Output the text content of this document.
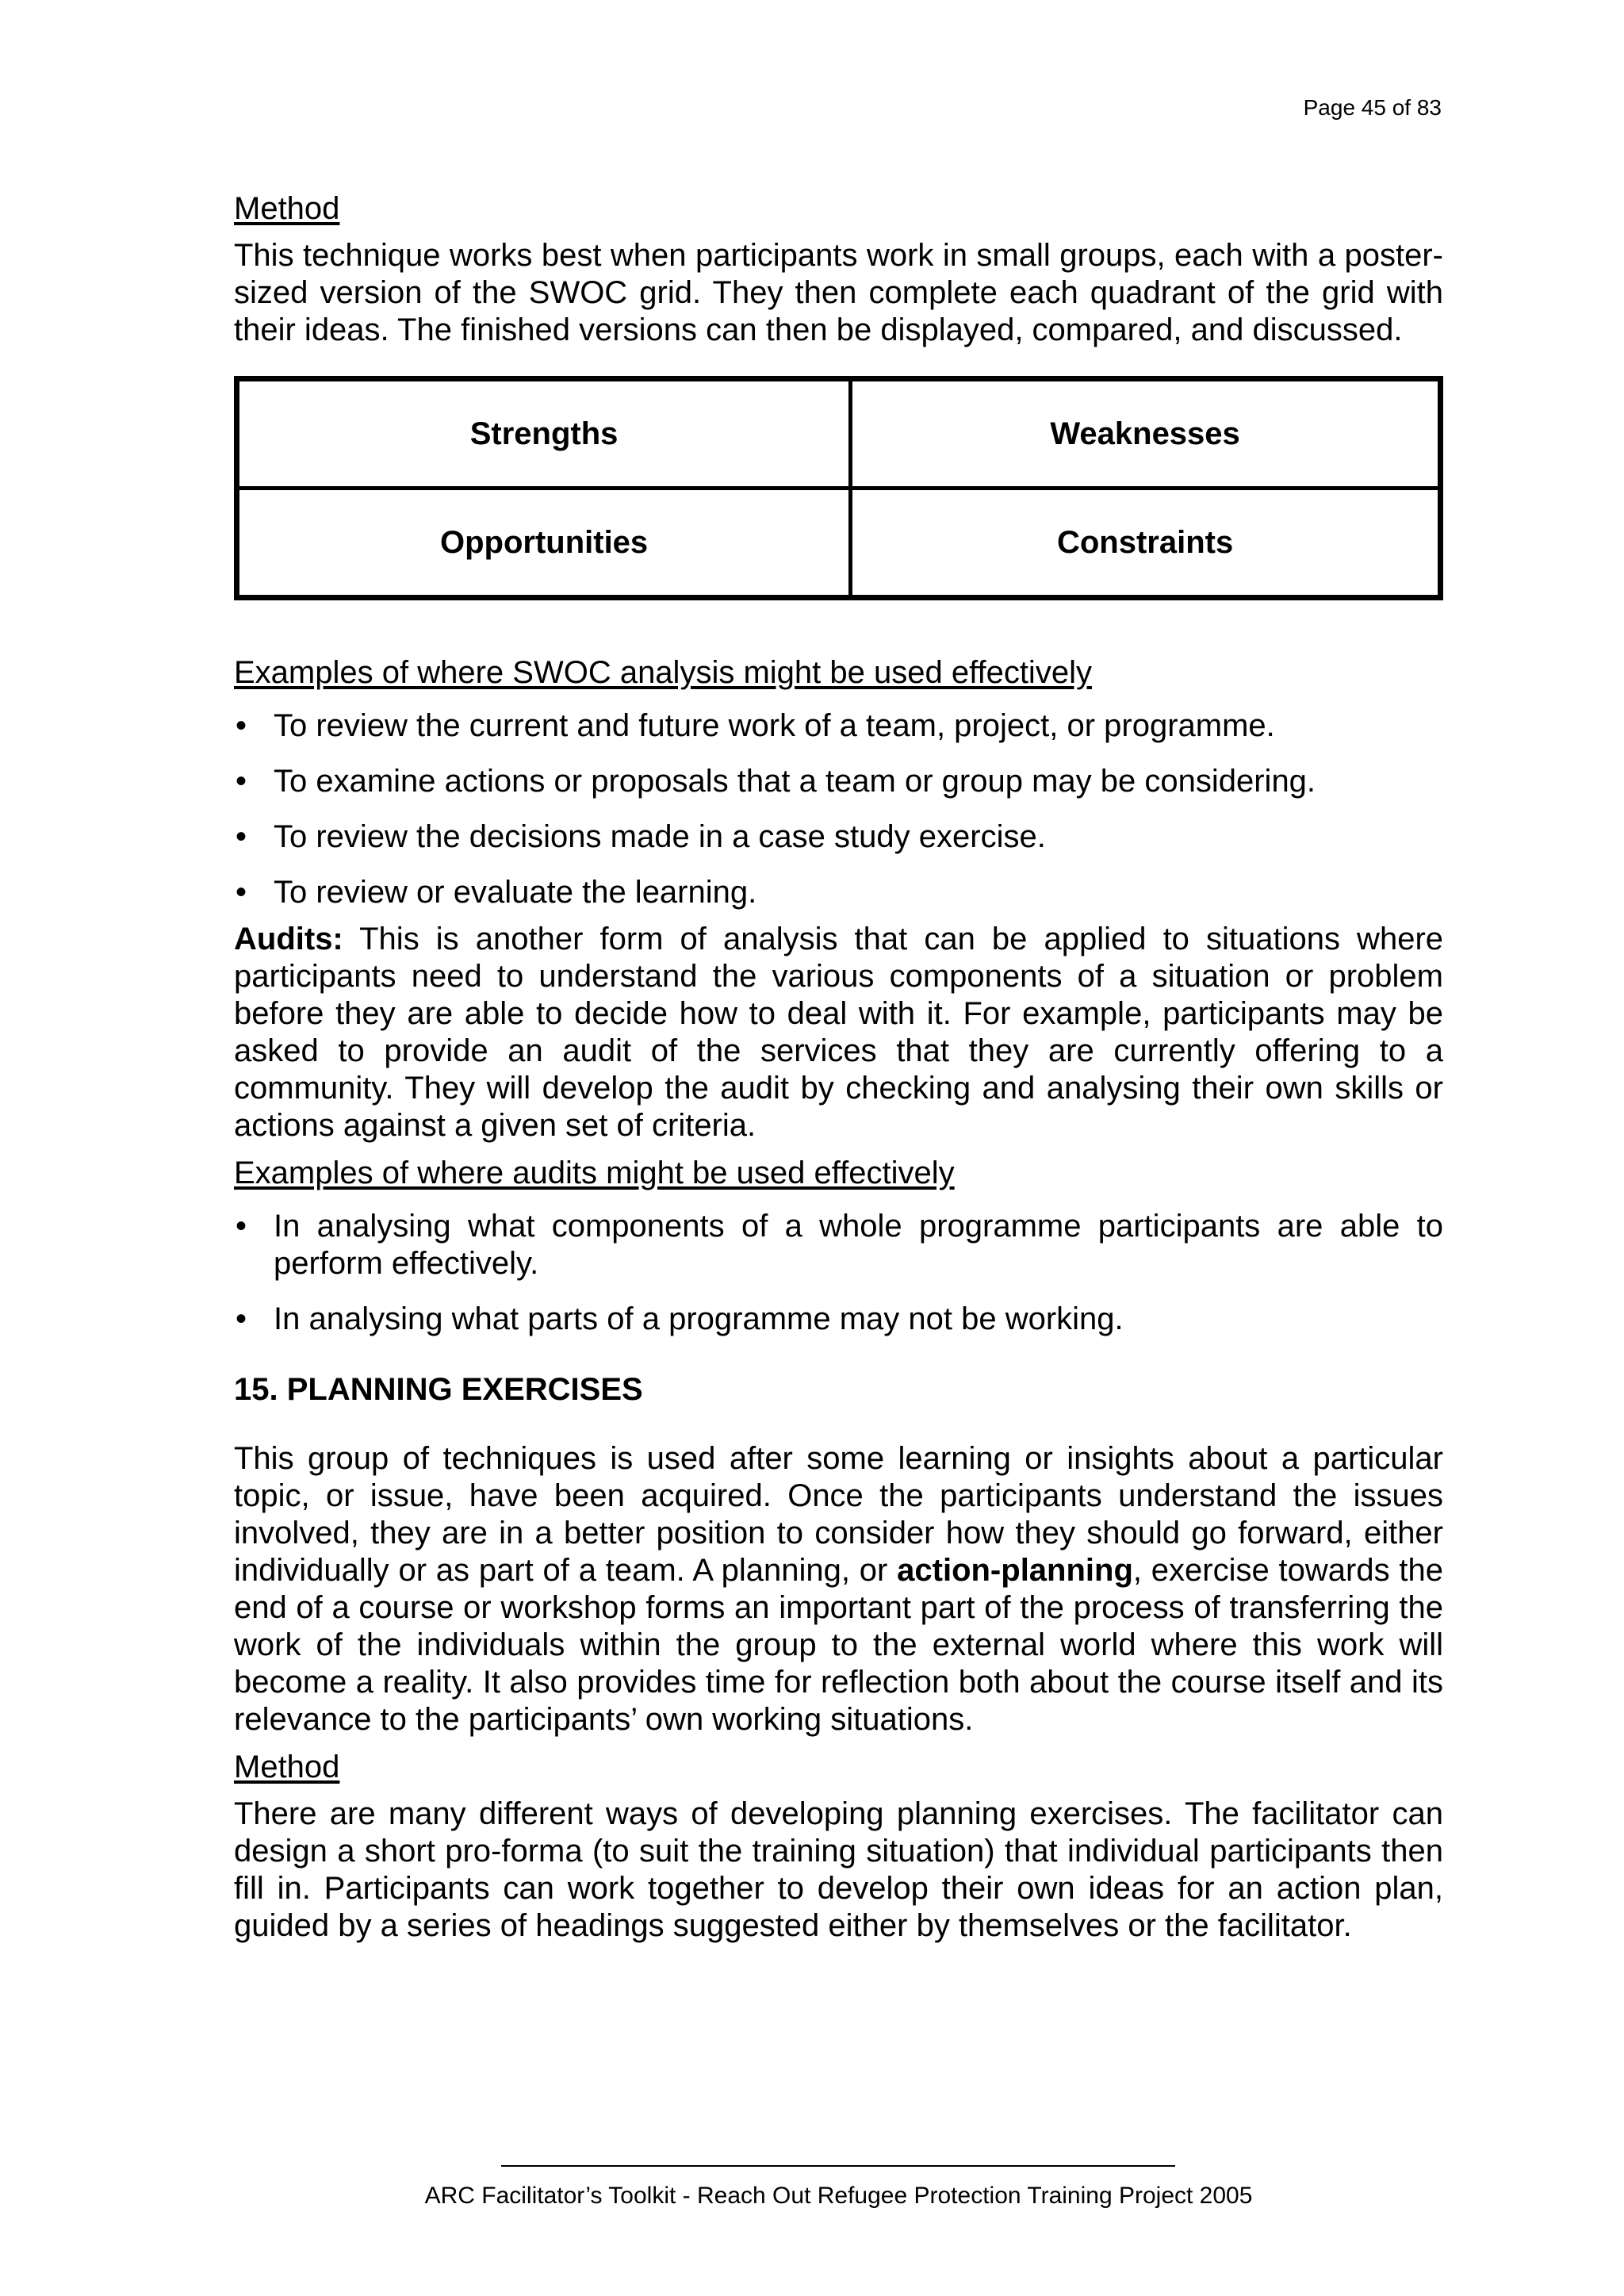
Page 45 of 83

Method

This technique works best when participants work in small groups, each with a poster-sized version of the SWOC grid. They then complete each quadrant of the grid with their ideas. The finished versions can then be displayed, compared, and discussed.

Strengths	Weaknesses
Opportunities	Constraints

Examples of where SWOC analysis might be used effectively

• To review the current and future work of a team, project, or programme.
• To examine actions or proposals that a team or group may be considering.
• To review the decisions made in a case study exercise.
• To review or evaluate the learning.

Audits: This is another form of analysis that can be applied to situations where participants need to understand the various components of a situation or problem before they are able to decide how to deal with it. For example, participants may be asked to provide an audit of the services that they are currently offering to a community. They will develop the audit by checking and analysing their own skills or actions against a given set of criteria.

Examples of where audits might be used effectively

• In analysing what components of a whole programme participants are able to perform effectively.
• In analysing what parts of a programme may not be working.

15. PLANNING EXERCISES

This group of techniques is used after some learning or insights about a particular topic, or issue, have been acquired. Once the participants understand the issues involved, they are in a better position to consider how they should go forward, either individually or as part of a team. A planning, or action-planning, exercise towards the end of a course or workshop forms an important part of the process of transferring the work of the individuals within the group to the external world where this work will become a reality. It also provides time for reflection both about the course itself and its relevance to the participants’ own working situations.

Method

There are many different ways of developing planning exercises. The facilitator can design a short pro-forma (to suit the training situation) that individual participants then fill in. Participants can work together to develop their own ideas for an action plan, guided by a series of headings suggested either by themselves or the facilitator.

ARC Facilitator’s Toolkit - Reach Out Refugee Protection Training Project 2005
